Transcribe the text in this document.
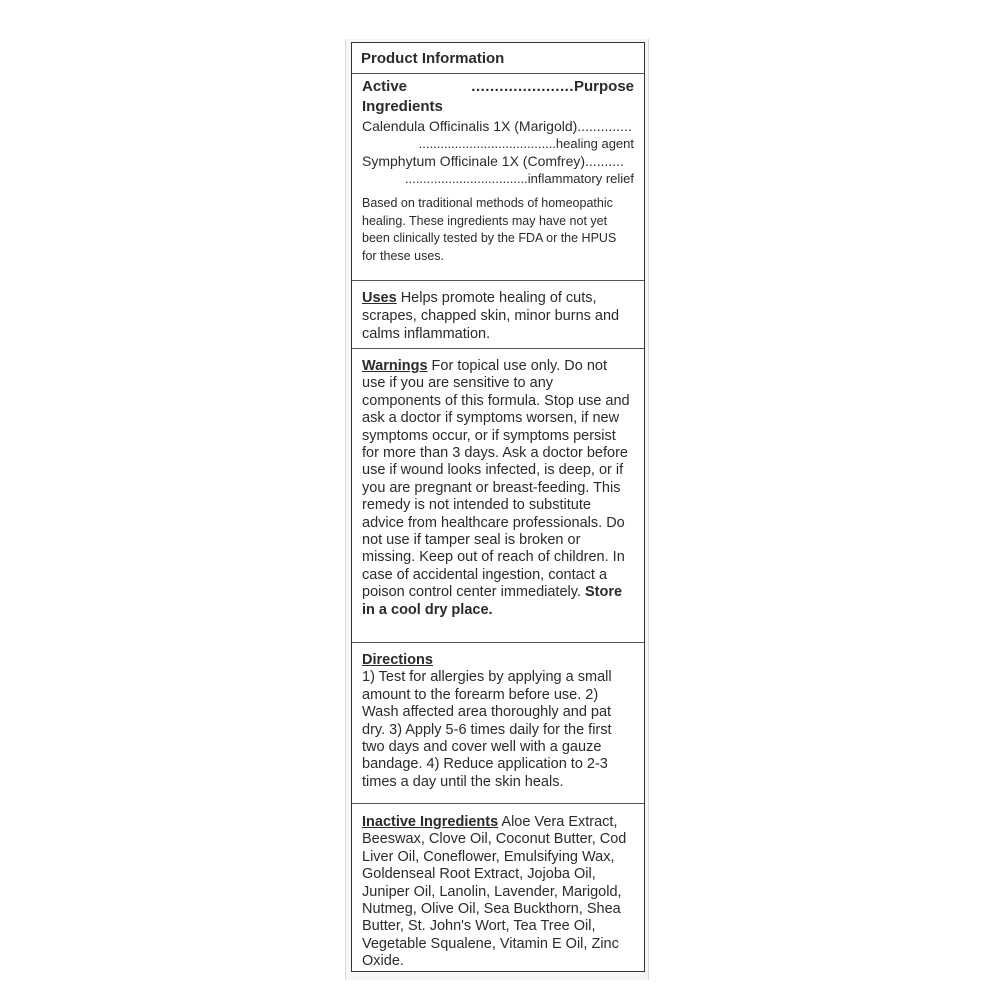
Product Information
Active Ingredients
...................... Purpose
Calendula Officinalis 1X (Marigold)..............
......................................healing agent
Symphytum Officinale 1X (Comfrey)..........
..................................inflammatory relief
Based on traditional methods of homeopathic healing. These ingredients may have not yet been clinically tested by the FDA or the HPUS for these uses.
Uses Helps promote healing of cuts, scrapes, chapped skin, minor burns and calms inflammation.
Warnings For topical use only. Do not use if you are sensitive to any components of this formula. Stop use and ask a doctor if symptoms worsen, if new symptoms occur, or if symptoms persist for more than 3 days. Ask a doctor before use if wound looks infected, is deep, or if you are pregnant or breast-feeding. This remedy is not intended to substitute advice from healthcare professionals. Do not use if tamper seal is broken or missing. Keep out of reach of children. In case of accidental ingestion, contact a poison control center immediately. Store in a cool dry place.
Directions
1) Test for allergies by applying a small amount to the forearm before use. 2) Wash affected area thoroughly and pat dry. 3) Apply 5-6 times daily for the first two days and cover well with a gauze bandage. 4) Reduce application to 2-3 times a day until the skin heals.
Inactive Ingredients Aloe Vera Extract, Beeswax, Clove Oil, Coconut Butter, Cod Liver Oil, Coneflower, Emulsifying Wax, Goldenseal Root Extract, Jojoba Oil, Juniper Oil, Lanolin, Lavender, Marigold, Nutmeg, Olive Oil, Sea Buckthorn, Shea Butter, St. John's Wort, Tea Tree Oil, Vegetable Squalene, Vitamin E Oil, Zinc Oxide.
